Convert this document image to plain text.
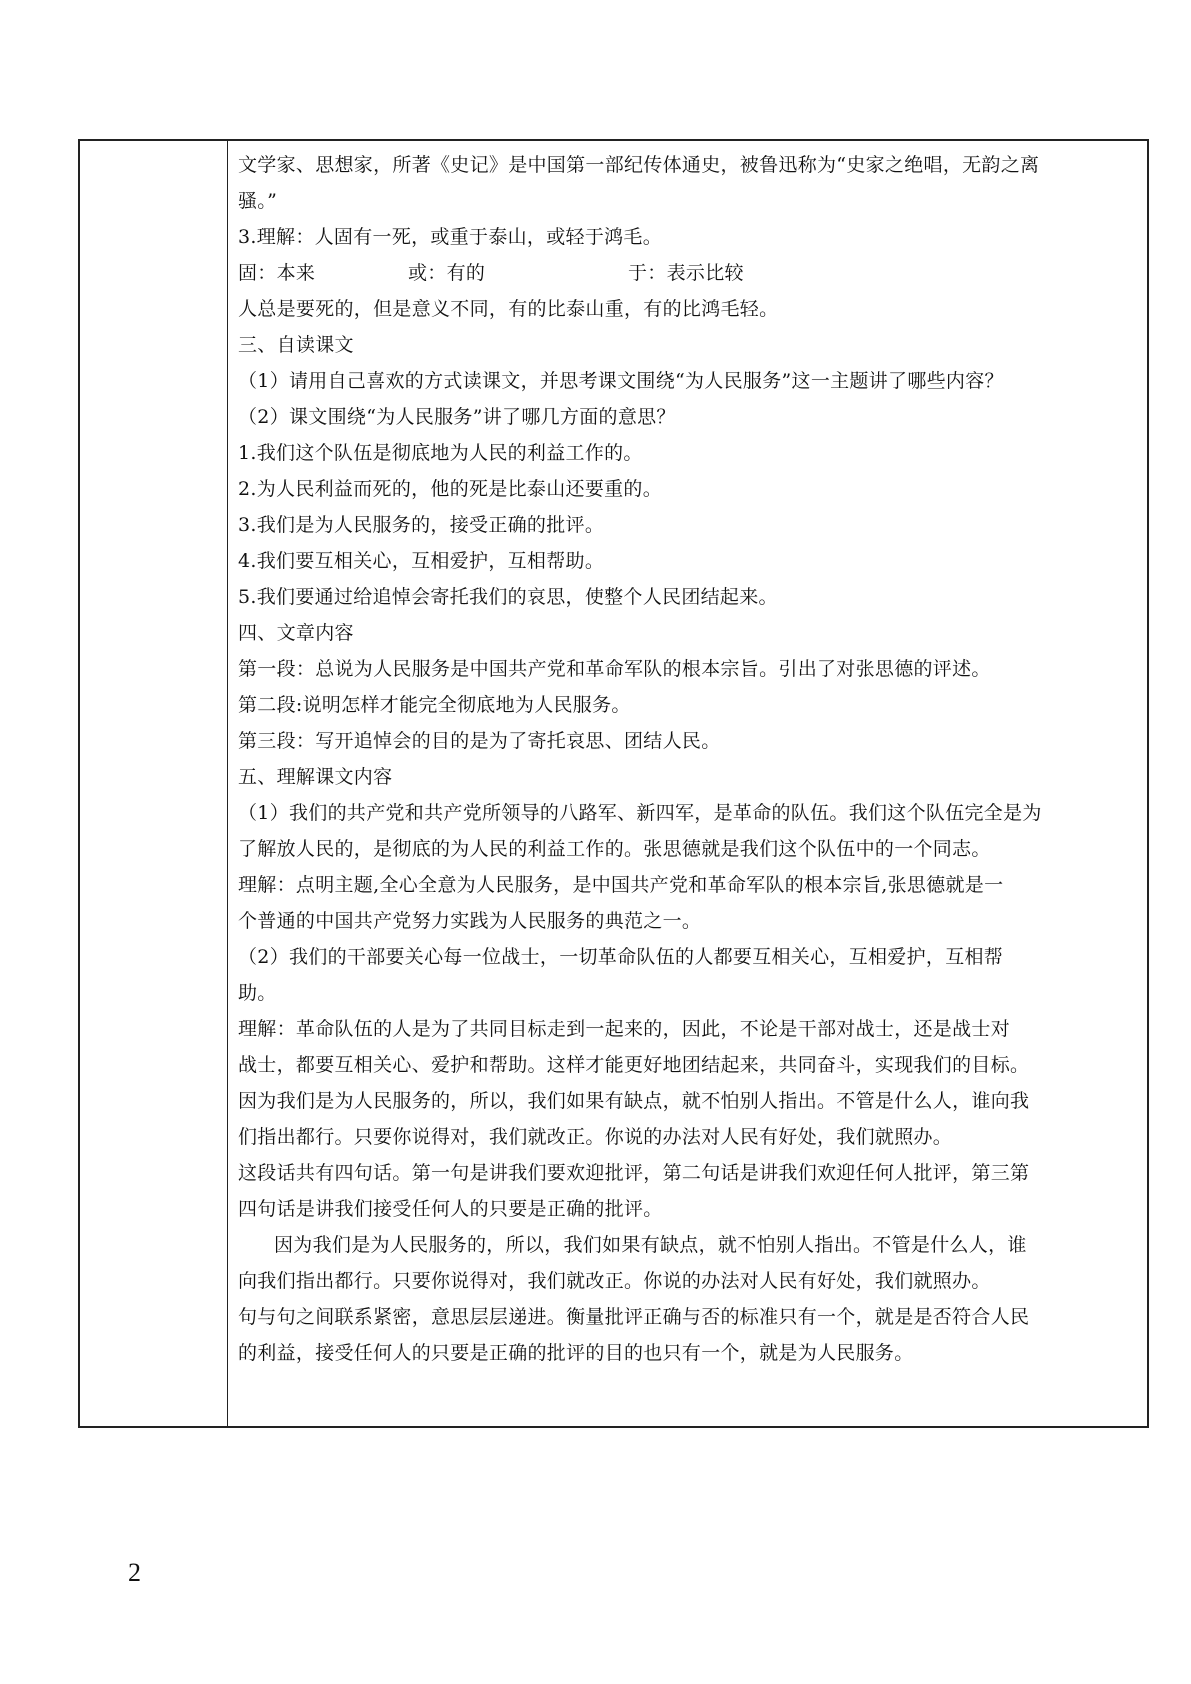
文学家、思想家，所著《史记》是中国第一部纪传体通史，被鲁迅称为“史家之绝唱，无韵之离

骚。”

3.理解：人固有一死，或重于泰山，或轻于鸿毛。

固：本来	或：有的	于：表示比较

人总是要死的，但是意义不同，有的比泰山重，有的比鸿毛轻。

三、自读课文

（1）请用自己喜欢的方式读课文，并思考课文围绕“为人民服务”这一主题讲了哪些内容？

（2）课文围绕“为人民服务”讲了哪几方面的意思？

1.我们这个队伍是彻底地为人民的利益工作的。

2.为人民利益而死的，他的死是比泰山还要重的。

3.我们是为人民服务的，接受正确的批评。

4.我们要互相关心，互相爱护，互相帮助。

5.我们要通过给追悼会寄托我们的哀思，使整个人民团结起来。

四、文章内容

第一段：总说为人民服务是中国共产党和革命军队的根本宗旨。引出了对张思德的评述。

第二段:说明怎样才能完全彻底地为人民服务。

第三段：写开追悼会的目的是为了寄托哀思、团结人民。

五、理解课文内容

（1）我们的共产党和共产党所领导的八路军、新四军，是革命的队伍。我们这个队伍完全是为

了解放人民的，是彻底的为人民的利益工作的。张思德就是我们这个队伍中的一个同志。

理解：点明主题,全心全意为人民服务，是中国共产党和革命军队的根本宗旨,张思德就是一

个普通的中国共产党努力实践为人民服务的典范之一。

（2）我们的干部要关心每一位战士，一切革命队伍的人都要互相关心，互相爱护，互相帮

助。

理解：革命队伍的人是为了共同目标走到一起来的，因此，不论是干部对战士，还是战士对

战士，都要互相关心、爱护和帮助。这样才能更好地团结起来，共同奋斗，实现我们的目标。

因为我们是为人民服务的，所以，我们如果有缺点，就不怕别人指出。不管是什么人，谁向我

们指出都行。只要你说得对，我们就改正。你说的办法对人民有好处，我们就照办。

这段话共有四句话。第一句是讲我们要欢迎批评，第二句话是讲我们欢迎任何人批评，第三第

四句话是讲我们接受任何人的只要是正确的批评。

因为我们是为人民服务的，所以，我们如果有缺点，就不怕别人指出。不管是什么人，谁

向我们指出都行。只要你说得对，我们就改正。你说的办法对人民有好处，我们就照办。

句与句之间联系紧密，意思层层递进。衡量批评正确与否的标准只有一个，就是是否符合人民

的利益，接受任何人的只要是正确的批评的目的也只有一个，就是为人民服务。

2
